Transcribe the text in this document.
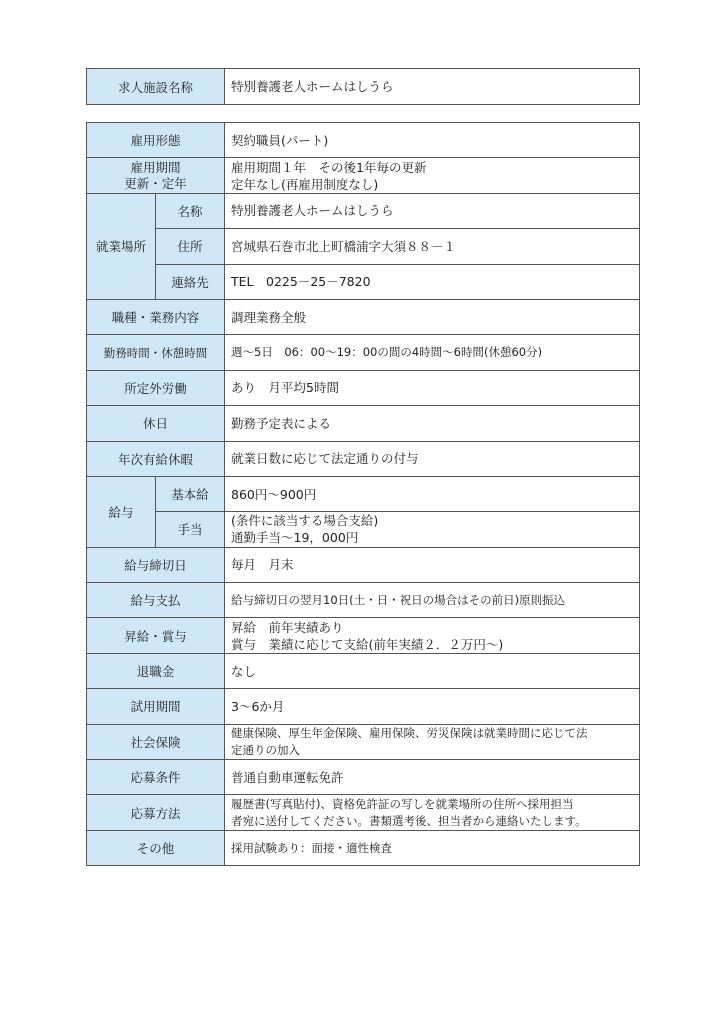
求人施設名称	特別養護老人ホームはしうら
雇用形態		契約職員(パート)

雇用期間
更新・定年		雇用期間１年　その後1年毎の更新
定年なし(再雇用制度なし)

就業場所	名称	特別養護老人ホームはしうら
	住所	宮城県石巻市北上町橋浦字大須８８－１
	連絡先	TEL　0225－25－7820
職種・業務内容		調理業務全般
勤務時間・休憩時間		週～5日　06：00～19：00の間の4時間～6時間(休憩60分)
所定外労働		あり　月平均5時間
休日		勤務予定表による
年次有給休暇		就業日数に応じて法定通りの付与
給与	基本給	860円～900円
	手当	(条件に該当する場合支給)
通勤手当～19，000円

給与締切日		毎月　月末
給与支払		給与締切日の翌月10日(土・日・祝日の場合はその前日)原則振込
昇給・賞与		昇給　前年実績あり
賞与　業績に応じて支給(前年実績２．２万円～)

退職金		なし
試用期間		3～6か月
社会保険		健康保険、厚生年金保険、雇用保険、労災保険は就業時間に応じて法
定通りの加入

応募条件		普通自動車運転免許
応募方法		履歴書(写真貼付)、資格免許証の写しを就業場所の住所へ採用担当
者宛に送付してください。書類選考後、担当者から連絡いたします。

その他		採用試験あり：面接・適性検査
